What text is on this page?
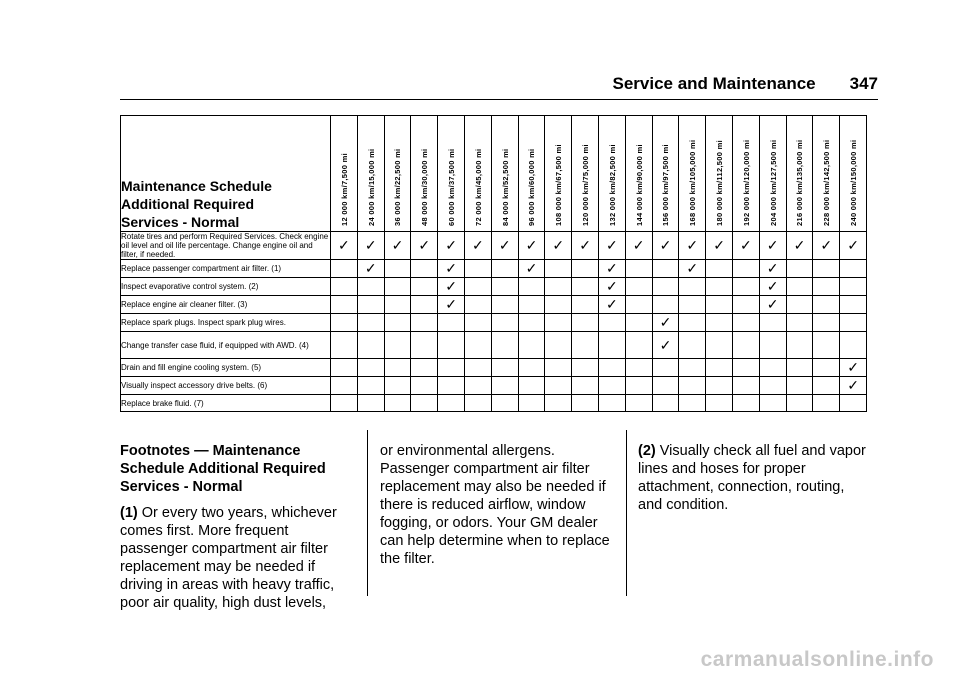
Service and Maintenance 347
Maintenance Schedule
Additional Required
Services - Normal	12 000 km/7,500 mi	24 000 km/15,000 mi	36 000 km/22,500 mi	48 000 km/30,000 mi	60 000 km/37,500 mi	72 000 km/45,000 mi	84 000 km/52,500 mi	96 000 km/60,000 mi	108 000 km/67,500 mi	120 000 km/75,000 mi	132 000 km/82,500 mi	144 000 km/90,000 mi	156 000 km/97,500 mi	168 000 km/105,000 mi	180 000 km/112,500 mi	192 000 km/120,000 mi	204 000 km/127,500 mi	216 000 km/135,000 mi	228 000 km/142,500 mi	240 000 km/150,000 mi

Rotate tires and perform Required Services. Check engine oil level and oil life percentage. Change engine oil and filter, if needed.	✓	✓	✓	✓	✓	✓	✓	✓	✓	✓	✓	✓	✓	✓	✓	✓	✓	✓	✓	✓
Replace passenger compartment air filter. (1)		✓			✓			✓			✓			✓			✓			
Inspect evaporative control system. (2)					✓						✓						✓			
Replace engine air cleaner filter. (3)					✓						✓						✓			
Replace spark plugs. Inspect spark plug wires.													✓							
Change transfer case fluid, if equipped with AWD. (4)													✓							
Drain and fill engine cooling system. (5)																				✓
Visually inspect accessory drive belts. (6)																				✓
Replace brake fluid. (7)																				

Footnotes — Maintenance Schedule Additional Required Services - Normal

(1) Or every two years, whichever comes first. More frequent passenger compartment air filter replacement may be needed if driving in areas with heavy traffic, poor air quality, high dust levels,

or environmental allergens. Passenger compartment air filter replacement may also be needed if there is reduced airflow, window fogging, or odors. Your GM dealer can help determine when to replace the filter.

(2) Visually check all fuel and vapor lines and hoses for proper attachment, connection, routing, and condition.

carmanualsonline.info
